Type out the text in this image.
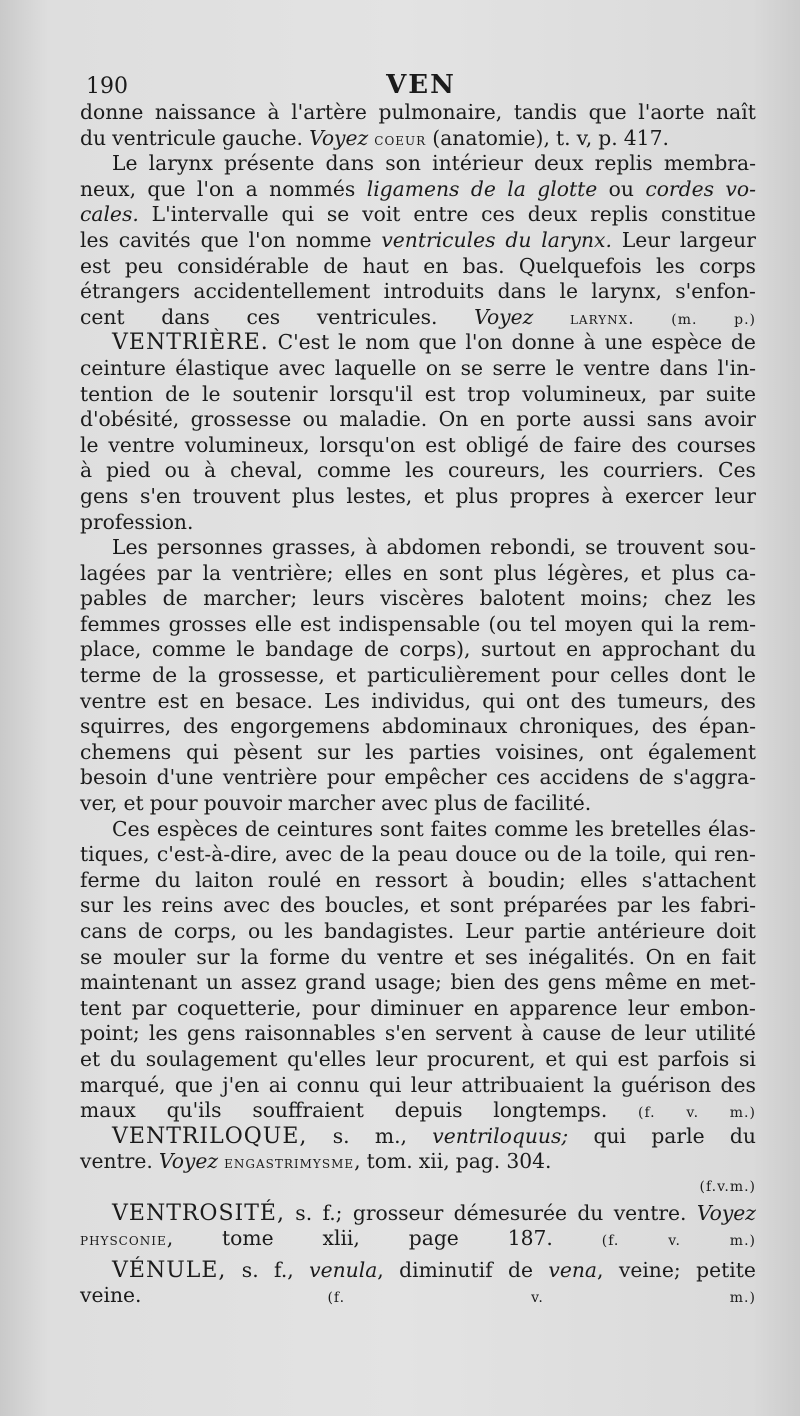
190	VEN
donne naissance à l'artère pulmonaire, tandis que l'aorte naît
du ventricule gauche. Voyez coeur (anatomie), t. v, p. 417.
Le larynx présente dans son intérieur deux replis membra-
neux, que l'on a nommés ligamens de la glotte ou cordes vo-
cales. L'intervalle qui se voit entre ces deux replis constitue
les cavités que l'on nomme ventricules du larynx. Leur largeur
est peu considérable de haut en bas. Quelquefois les corps
étrangers accidentellement introduits dans le larynx, s'enfon-
cent dans ces ventricules. Voyez larynx.	(m.	p.)
VENTRIÈRE. C'est le nom que l'on donne à une espèce de
ceinture élastique avec laquelle on se serre le ventre dans l'in-
tention de le soutenir lorsqu'il est trop volumineux, par suite
d'obésité, grossesse ou maladie. On en porte aussi sans avoir
le ventre volumineux, lorsqu'on est obligé de faire des courses
à pied ou à cheval, comme les coureurs, les courriers. Ces
gens s'en trouvent plus lestes, et plus propres à exercer leur
profession.
Les personnes grasses, à abdomen rebondi, se trouvent sou-
lagées par la ventrière; elles en sont plus légères, et plus ca-
pables de marcher; leurs viscères balotent moins; chez les
femmes grosses elle est indispensable (ou tel moyen qui la rem-
place, comme le bandage de corps), surtout en approchant du
terme de la grossesse, et particulièrement pour celles dont le
ventre est en besace. Les individus, qui ont des tumeurs, des
squirres, des engorgemens abdominaux chroniques, des épan-
chemens qui pèsent sur les parties voisines, ont également
besoin d'une ventrière pour empêcher ces accidens de s'aggra-
ver, et pour pouvoir marcher avec plus de facilité.
Ces espèces de ceintures sont faites comme les bretelles élas-
tiques, c'est-à-dire, avec de la peau douce ou de la toile, qui ren-
ferme du laiton roulé en ressort à boudin; elles s'attachent
sur les reins avec des boucles, et sont préparées par les fabri-
cans de corps, ou les bandagistes. Leur partie antérieure doit
se mouler sur la forme du ventre et ses inégalités. On en fait
maintenant un assez grand usage; bien des gens même en met-
tent par coquetterie, pour diminuer en apparence leur embon-
point; les gens raisonnables s'en servent à cause de leur utilité
et du soulagement qu'elles leur procurent, et qui est parfois si
marqué, que j'en ai connu qui leur attribuaient la guérison des
maux qu'ils souffraient depuis longtemps. (f. v. m.)
VENTRILOQUE, s. m., ventriloquus; qui parle du
ventre. Voyez engastrimysme, tom. xii, pag. 304.
(f. v. m.)
VENTROSITÉ, s. f.; grosseur démesurée du ventre. Voyez
physconie, tome xlii, page 187.	(f.	v.	m.)
VÉNULE, s. f., venula, diminutif de vena, veine; petite
veine.	(f.	v.	m.)
